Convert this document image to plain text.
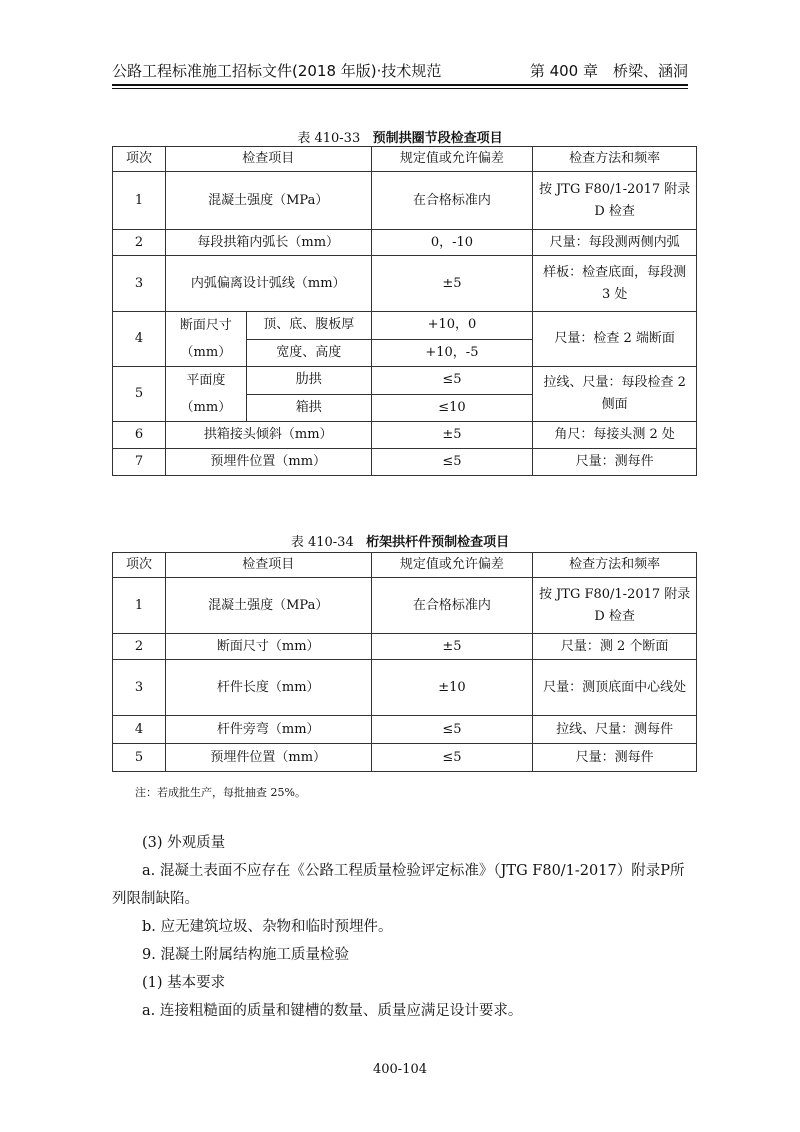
公路工程标准施工招标文件(2018 年版)·技术规范	第 400 章　桥梁、涵洞
表 410-33 预制拱圈节段检查项目
项次	检查项目		规定值或允许偏差	检查方法和频率
1	混凝土强度（MPa）		在合格标准内	按 JTG F80/1-2017 附录 D 检查
2	每段拱箱内弧长（mm）		0，-10	尺量：每段测两侧内弧
3	内弧偏离设计弧线（mm）		±5	样板：检查底面，每段测 3 处
4	断面尺寸（mm）	顶、底、腹板厚	+10，0	尺量：检查 2 端断面
		宽度、高度	+10，-5	
5	平面度（mm）	肋拱	≤5	拉线、尺量：每段检查 2 侧面
		箱拱	≤10	
6	拱箱接头倾斜（mm）		±5	角尺：每接头测 2 处
7	预埋件位置（mm）		≤5	尺量：测每件
表 410-34 桁架拱杆件预制检查项目
项次	检查项目	规定值或允许偏差	检查方法和频率
1	混凝土强度（MPa）	在合格标准内	按 JTG F80/1-2017 附录 D 检查
2	断面尺寸（mm）	±5	尺量：测 2 个断面
3	杆件长度（mm）	±10	尺量：测顶底面中心线处
4	杆件旁弯（mm）	≤5	拉线、尺量：测每件
5	预埋件位置（mm）	≤5	尺量：测每件
注：若成批生产，每批抽查 25%。
(3) 外观质量
a. 混凝土表面不应存在《公路工程质量检验评定标准》（JTG F80/1-2017）附录P所列限制缺陷。
b. 应无建筑垃圾、杂物和临时预埋件。
9. 混凝土附属结构施工质量检验
(1) 基本要求
a. 连接粗糙面的质量和键槽的数量、质量应满足设计要求。
400-104
